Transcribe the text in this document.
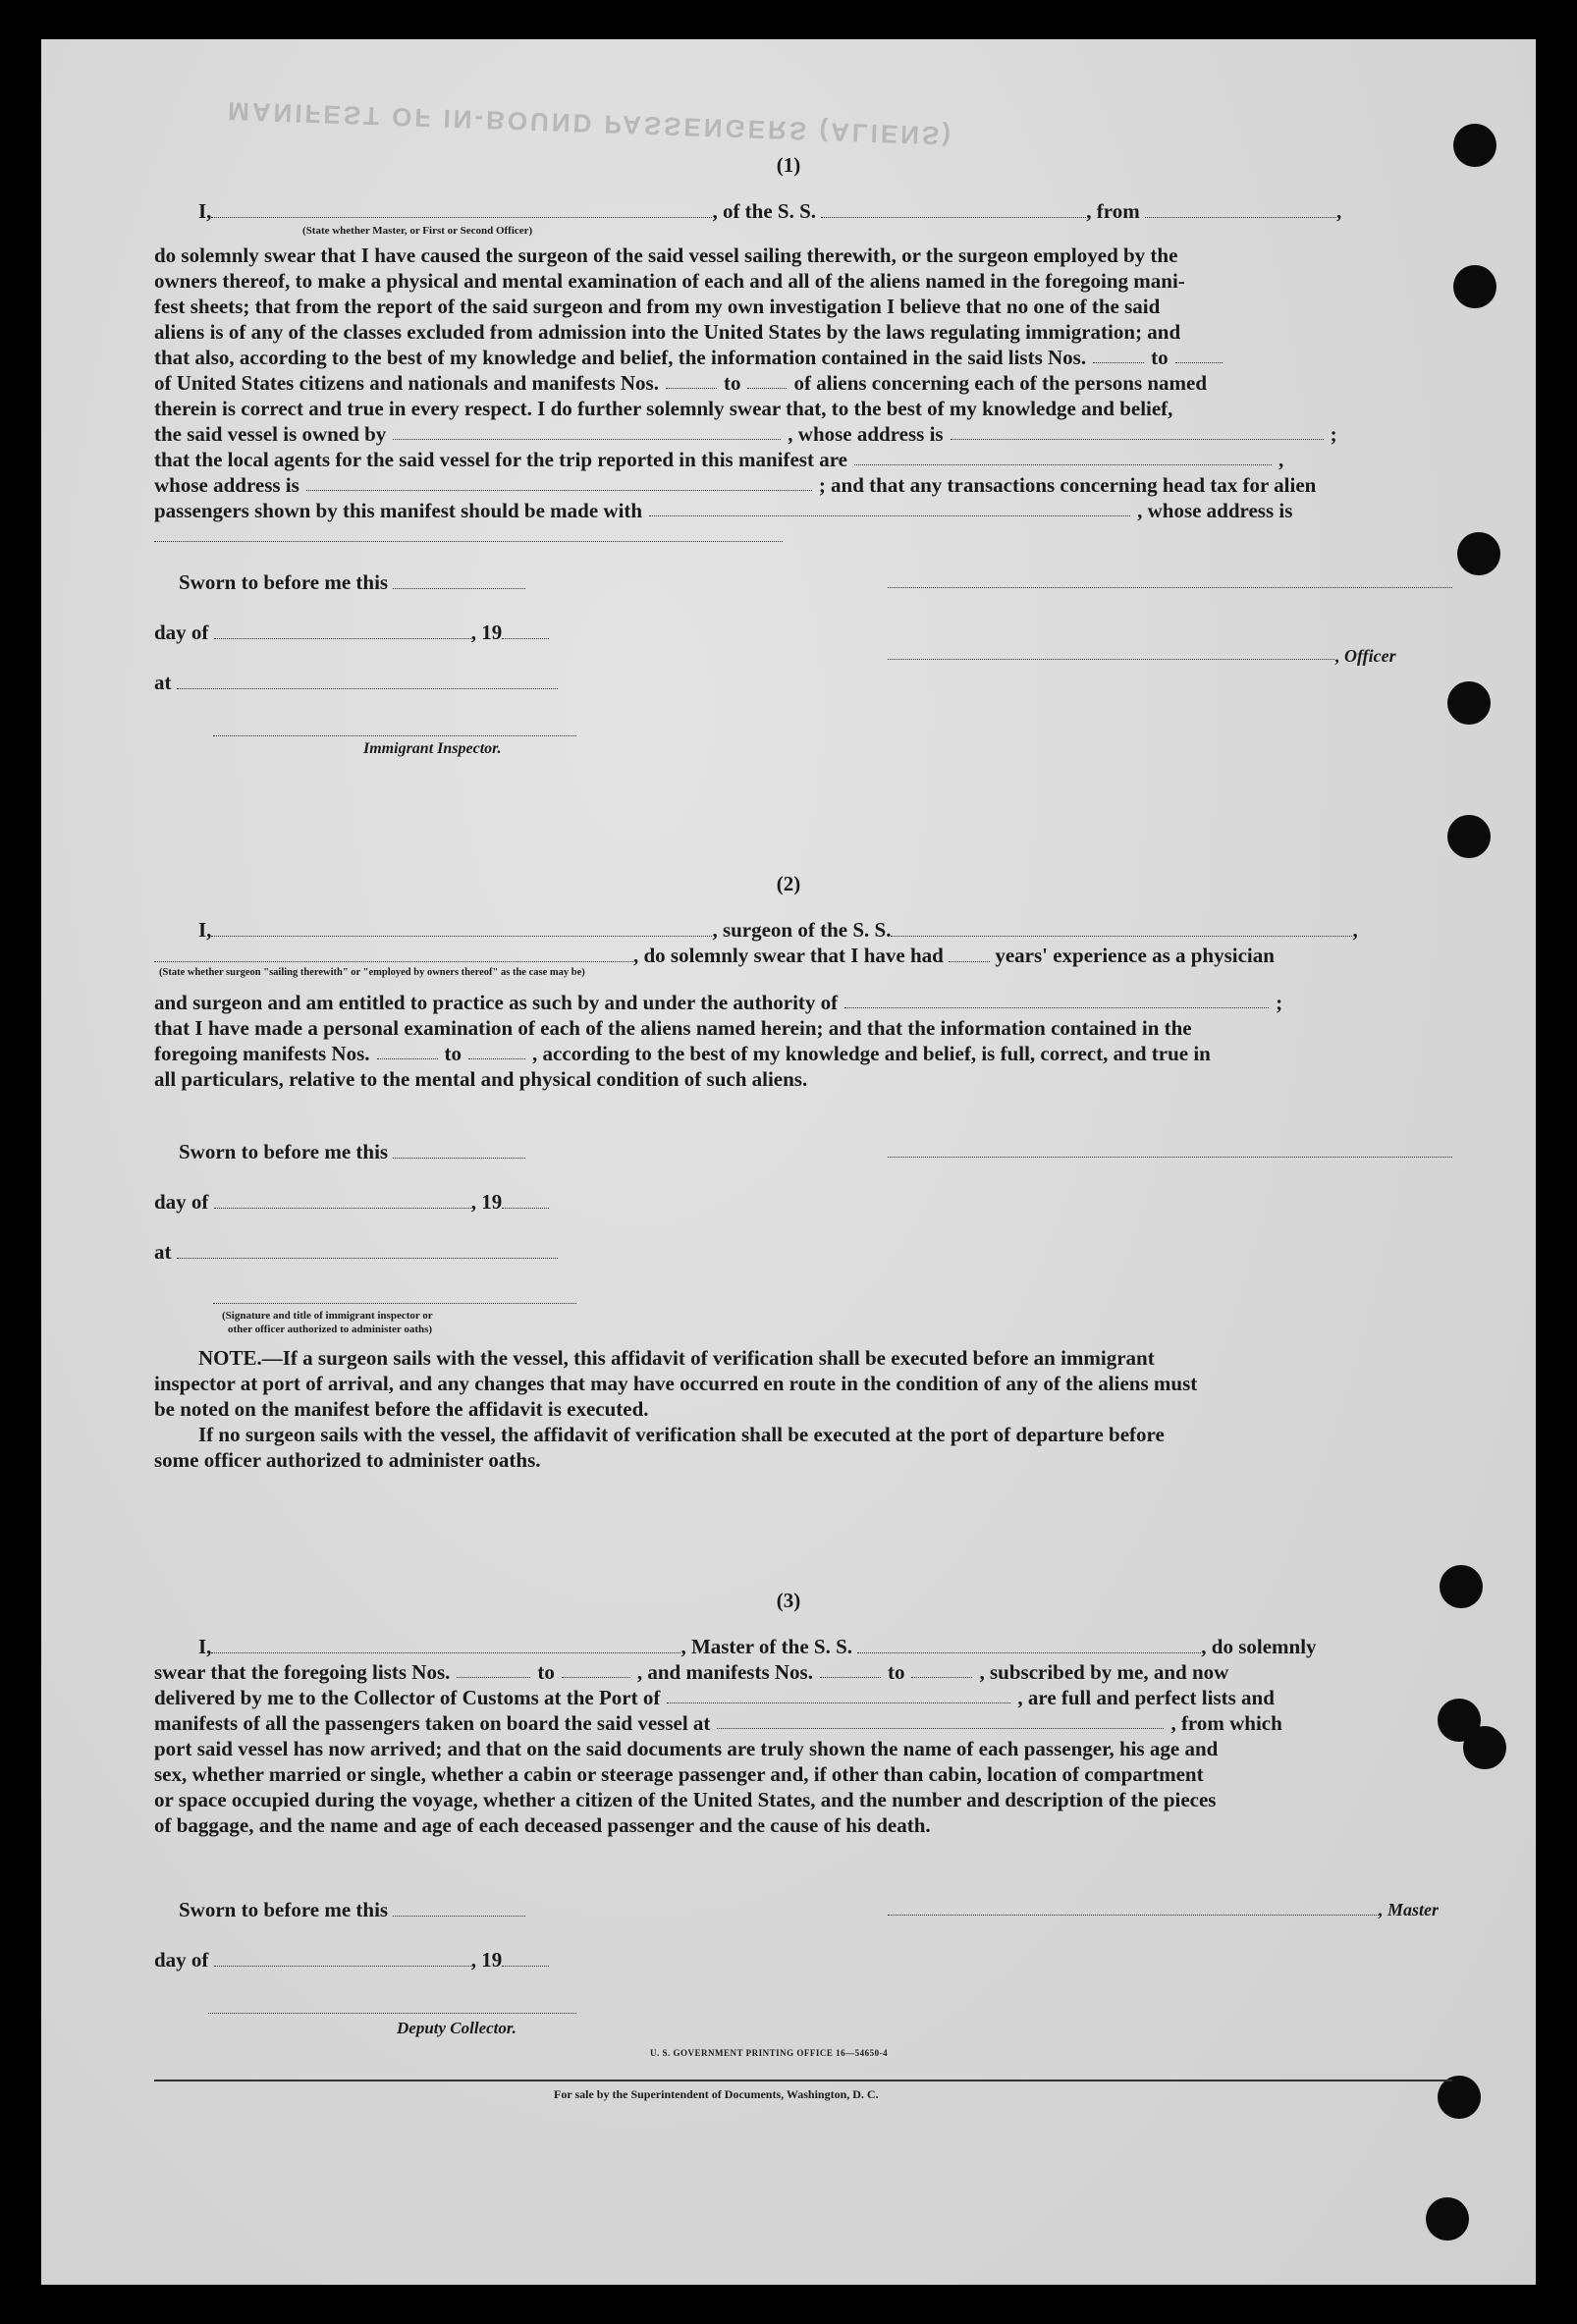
MANIFEST OF IN-BOUND PASSENGERS (ALIENS)
(1)
I,	, of the S. S.	, from	,
(State whether Master, or First or Second Officer)
do solemnly swear that I have caused the surgeon of the said vessel sailing therewith, or the surgeon employed by the
owners thereof, to make a physical and mental examination of each and all of the aliens named in the foregoing mani-
fest sheets; that from the report of the said surgeon and from my own investigation I believe that no one of the said
aliens is of any of the classes excluded from admission into the United States by the laws regulating immigration; and
that also, according to the best of my knowledge and belief, the information contained in the said lists Nos.	to
of United States citizens and nationals and manifests Nos.	to	of aliens concerning each of the persons named
therein is correct and true in every respect. I do further solemnly swear that, to the best of my knowledge and belief,
the said vessel is owned by	, whose address is	;
that the local agents for the said vessel for the trip reported in this manifest are	,
whose address is	; and that any transactions concerning head tax for alien
passengers shown by this manifest should be made with	, whose address is
Sworn to before me this
day of	, 19
, Officer
at
Immigrant Inspector.
(2)
I,	, surgeon of the S. S.	,
, do solemnly swear that I have had	years' experience as a physician
(State whether surgeon "sailing therewith" or "employed by owners thereof" as the case may be)
and surgeon and am entitled to practice as such by and under the authority of	;
that I have made a personal examination of each of the aliens named herein; and that the information contained in the
foregoing manifests Nos.	to	, according to the best of my knowledge and belief, is full, correct, and true in
all particulars, relative to the mental and physical condition of such aliens.
Sworn to before me this
day of	, 19
at
(Signature and title of immigrant inspector or
other officer authorized to administer oaths)
NOTE.—If a surgeon sails with the vessel, this affidavit of verification shall be executed before an immigrant
inspector at port of arrival, and any changes that may have occurred en route in the condition of any of the aliens must
be noted on the manifest before the affidavit is executed.
If no surgeon sails with the vessel, the affidavit of verification shall be executed at the port of departure before
some officer authorized to administer oaths.
(3)
I,	, Master of the S. S.	, do solemnly
swear that the foregoing lists Nos.	to	, and manifests Nos.	to	, subscribed by me, and now
delivered by me to the Collector of Customs at the Port of	, are full and perfect lists and
manifests of all the passengers taken on board the said vessel at	, from which
port said vessel has now arrived; and that on the said documents are truly shown the name of each passenger, his age and
sex, whether married or single, whether a cabin or steerage passenger and, if other than cabin, location of compartment
or space occupied during the voyage, whether a citizen of the United States, and the number and description of the pieces
of baggage, and the name and age of each deceased passenger and the cause of his death.
Sworn to before me this	, Master
day of	, 19
Deputy Collector.
U. S. GOVERNMENT PRINTING OFFICE 16—54650-4
For sale by the Superintendent of Documents, Washington, D. C.
